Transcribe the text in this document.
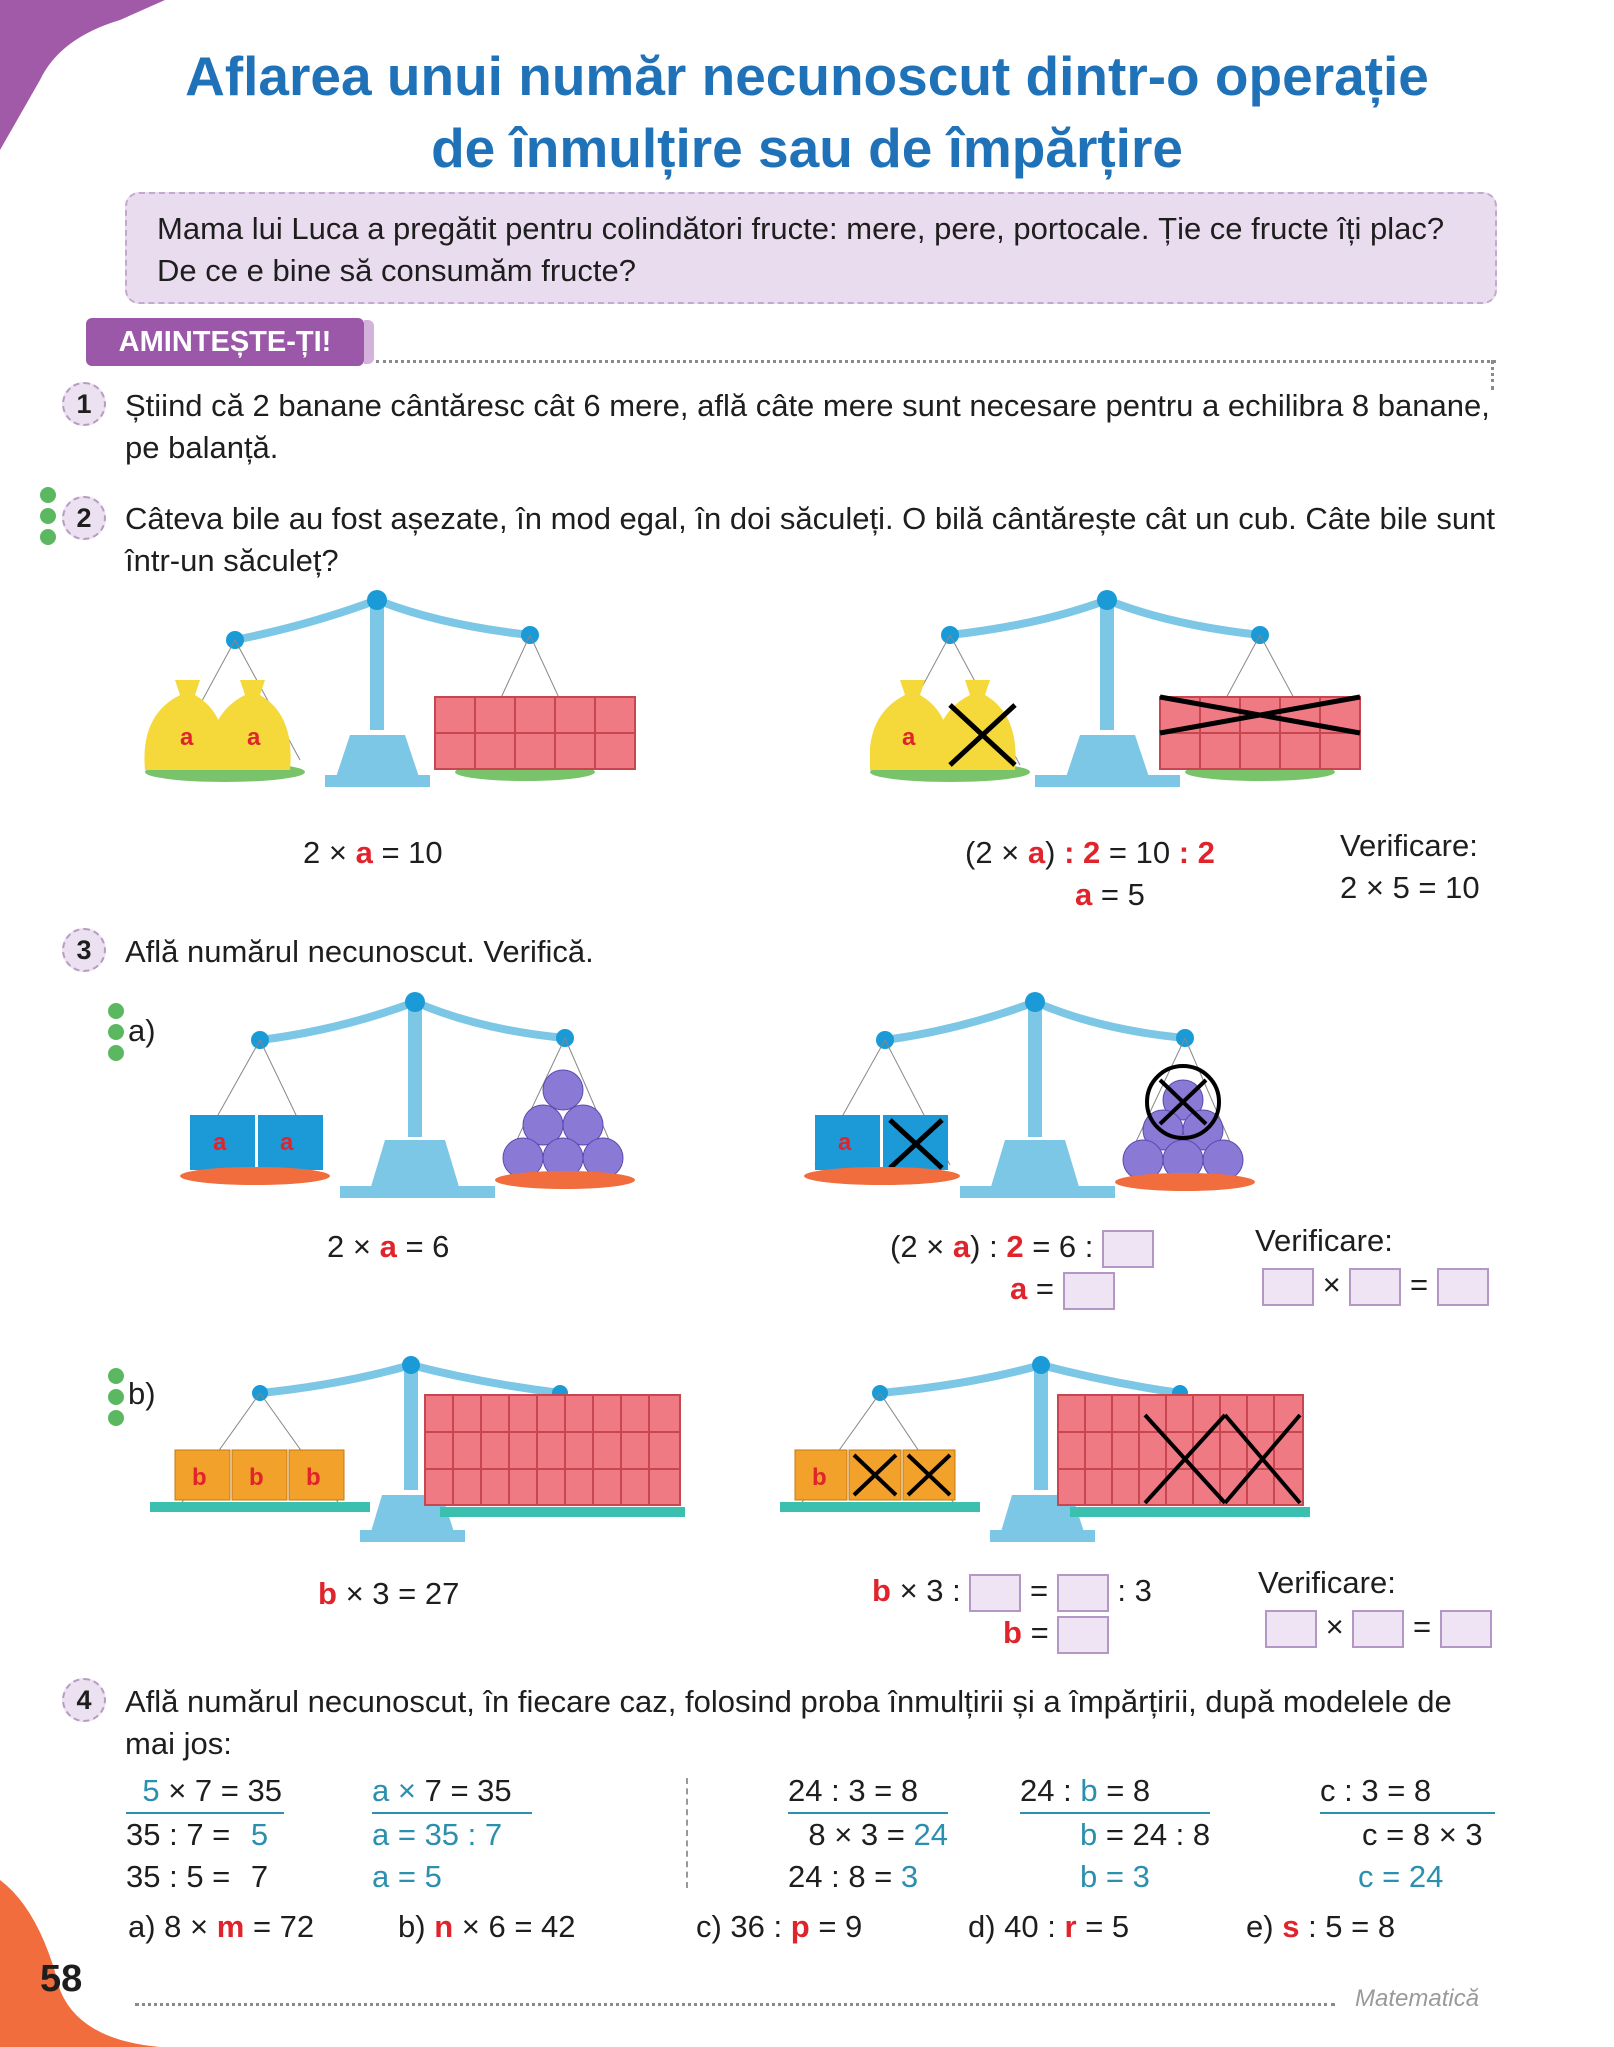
Aflarea unui număr necunoscut dintr-o operație
de înmulțire sau de împărțire
Mama lui Luca a pregătit pentru colindători fructe: mere, pere, portocale. Ție ce fructe îți plac? De ce e bine să consumăm fructe?
AMINTEȘTE-ȚI!
1	Știind că 2 banane cântăresc cât 6 mere, află câte mere sunt necesare pentru a echilibra 8 banane, pe balanță.
2	Câteva bile au fost așezate, în mod egal, în doi săculeți. O bilă cântărește cât un cub. Câte bile sunt într-un săculeț?
a a
2 × a = 10
a
(2 × a) : 2 = 10 : 2
a = 5
Verificare:
2 × 5 = 10
3	Află numărul necunoscut. Verifică.
a)
a a
2 × a = 6
a
(2 × a) : 2 = 6 :
a =
Verificare:
× =
b)
b b b
b × 3 = 27
b
b × 3 : = : 3
b =
Verificare:
× =
4	Află numărul necunoscut, în fiecare caz, folosind proba înmulțirii și a împărțirii, după modelele de mai jos:
5 × 7 = 35
35 : 7 = 5
35 : 5 = 7
a × 7 = 35
a = 35 : 7
a = 5
24 : 3 = 8
8 × 3 = 24
24 : 8 = 3
24 : b = 8
b = 24 : 8
b = 3
c : 3 = 8
c = 8 × 3
c = 24
a) 8 × m = 72	b) n × 6 = 42	c) 36 : p = 9	d) 40 : r = 5	e) s : 5 = 8
58	Matematică
